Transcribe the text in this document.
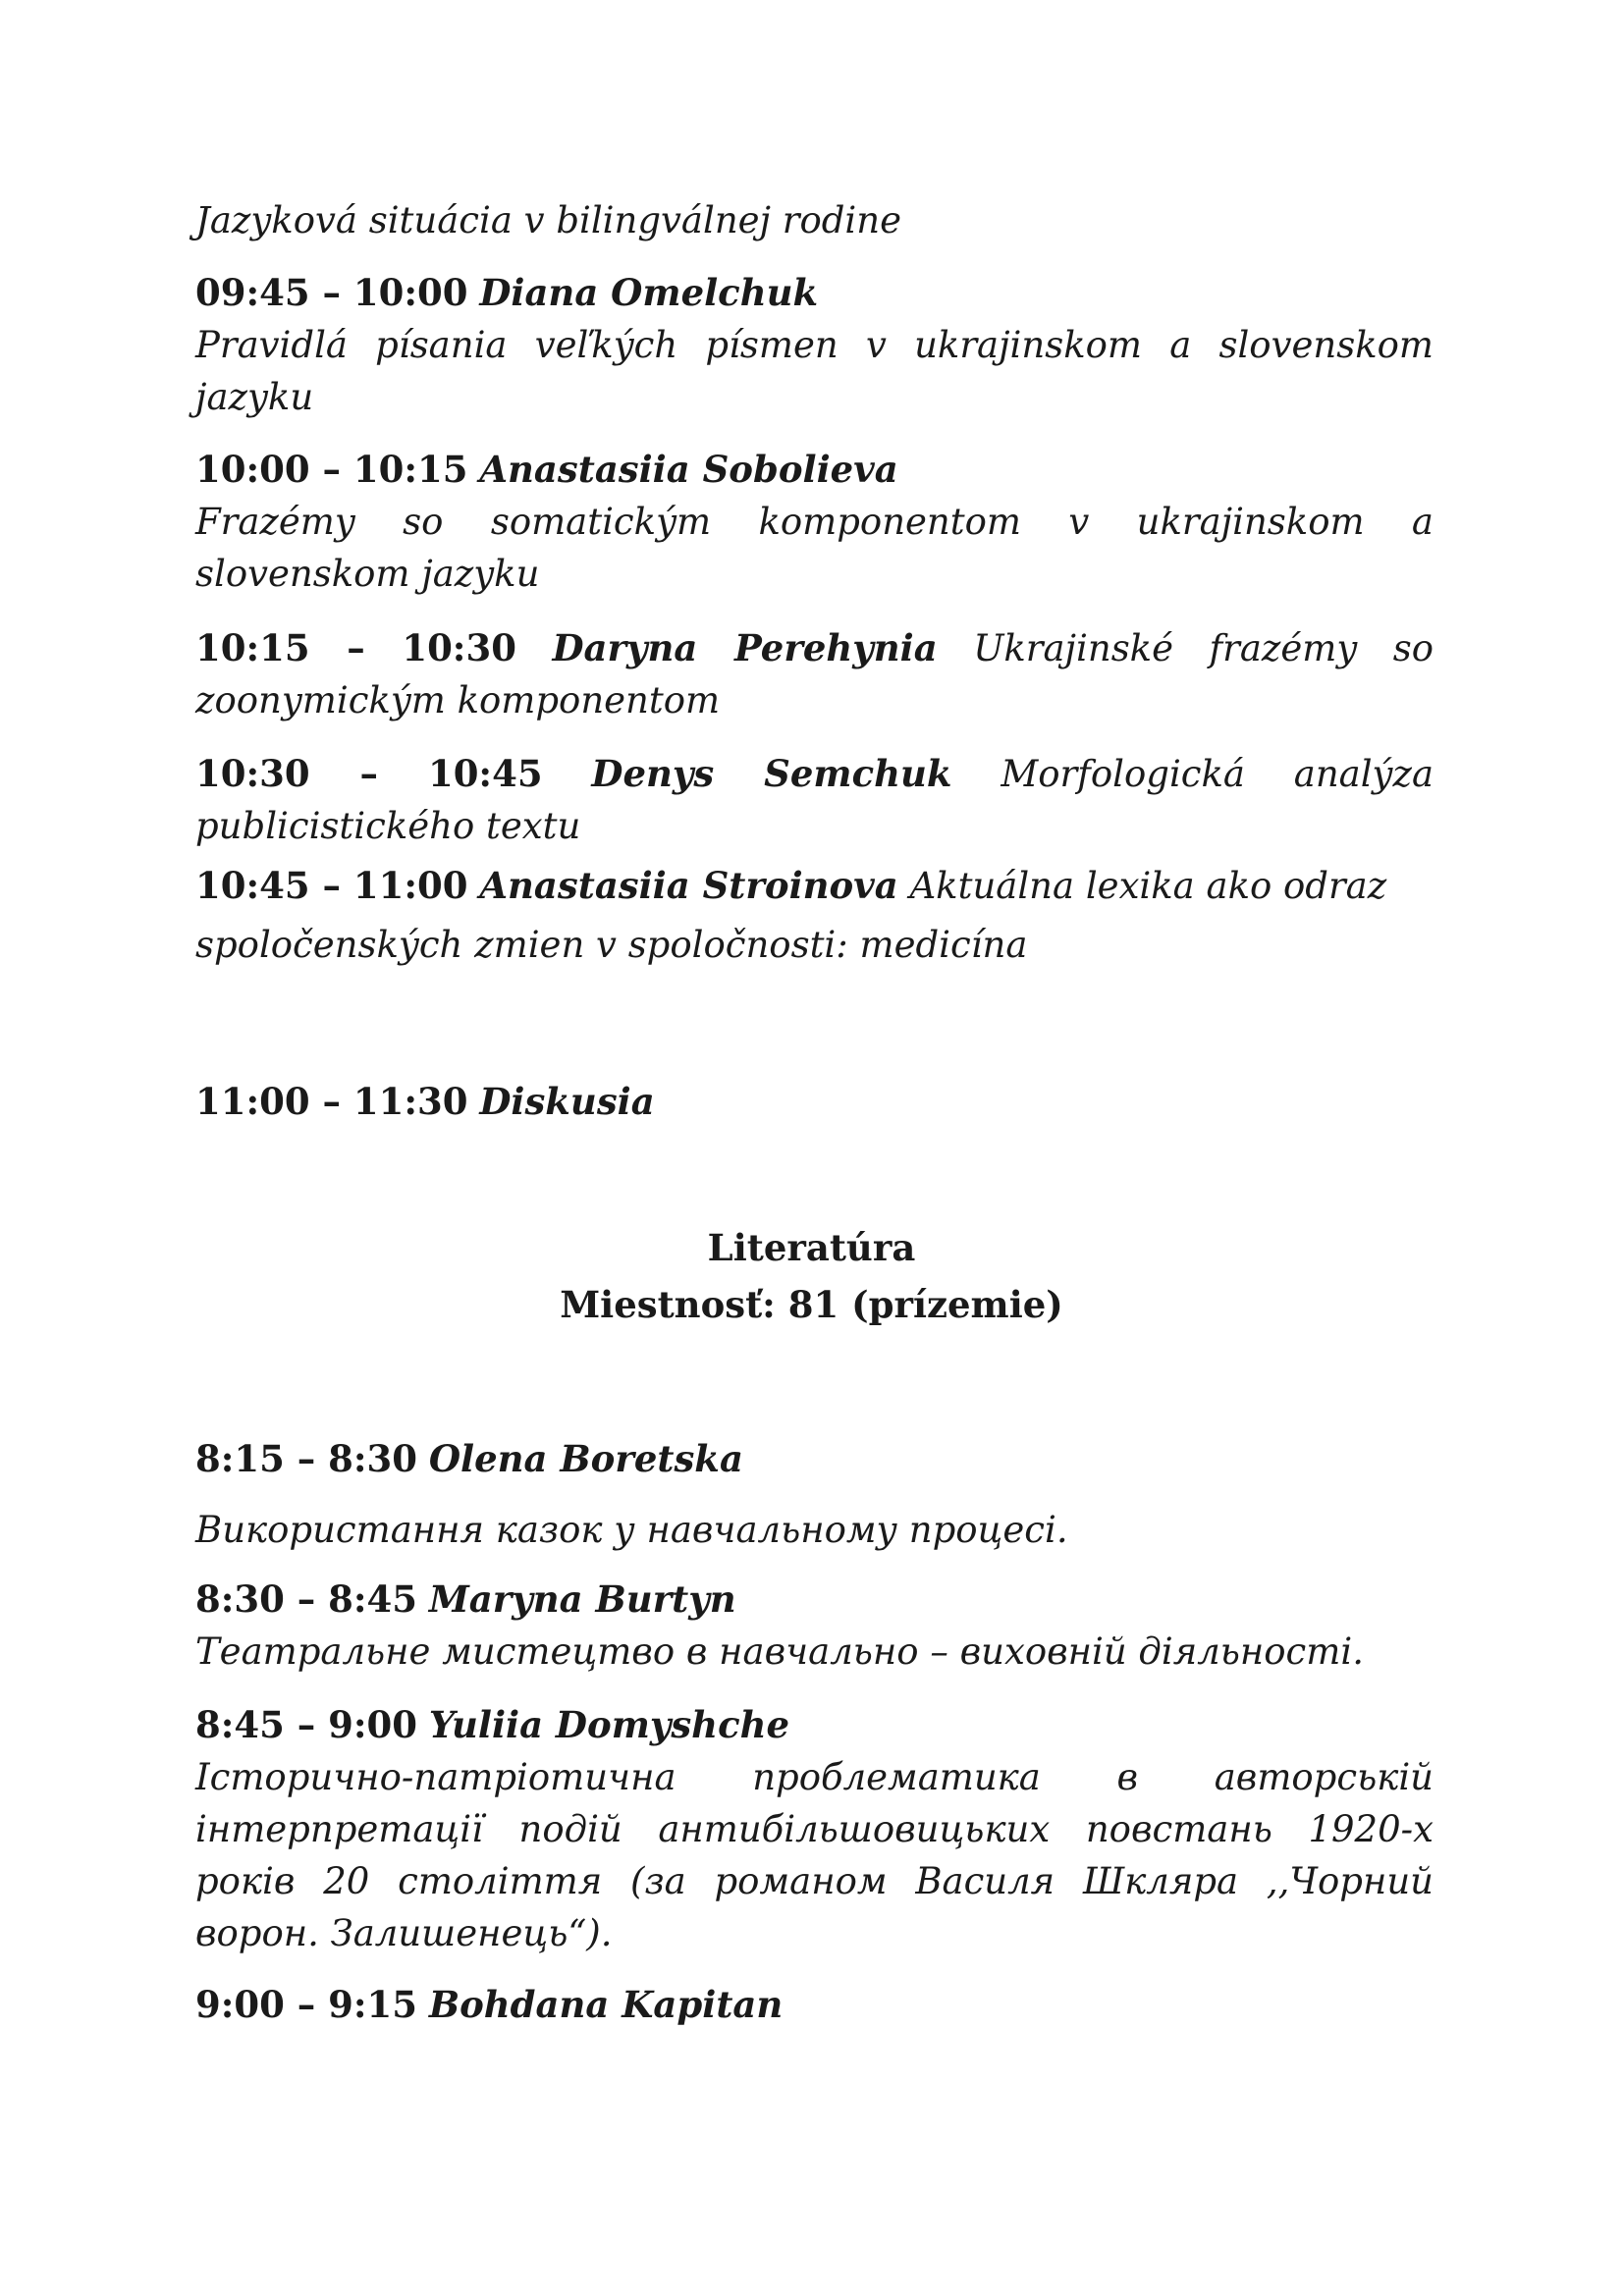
Jazyková situácia v bilingválnej rodine

09:45 – 10:00 Diana Omelchuk
Pravidlá písania veľkých písmen v ukrajinskom a slovenskom jazyku
10:00 – 10:15 Anastasiia Sobolieva
Frazémy so somatickým komponentom v ukrajinskom a slovenskom jazyku
10:15 – 10:30 Daryna Perehynia Ukrajinské frazémy so zoonymickým komponentom
10:30 – 10:45 Denys Semchuk Morfologická analýza publicistického textu
10:45 – 11:00 Anastasiia Stroinova Aktuálna lexika ako odraz
spoločenských zmien v spoločnosti: medicína

11:00 – 11:30 Diskusia

Literatúra

Miestnosť: 81 (prízemie)

8:15 – 8:30 Olena Boretska

Використання казок у навчальному процесі.

8:30 – 8:45 Maryna Burtyn
Театральне мистецтво в навчально – виховній діяльності.
8:45 – 9:00 Yuliia Domyshche
Історично-патріотична проблематика в авторській інтерпретації подій антибільшовицьких повстань 1920-х років 20 століття (за романом Василя Шкляра ,,Чорний ворон. Залишенець“).

9:00 – 9:15 Bohdana Kapitan
